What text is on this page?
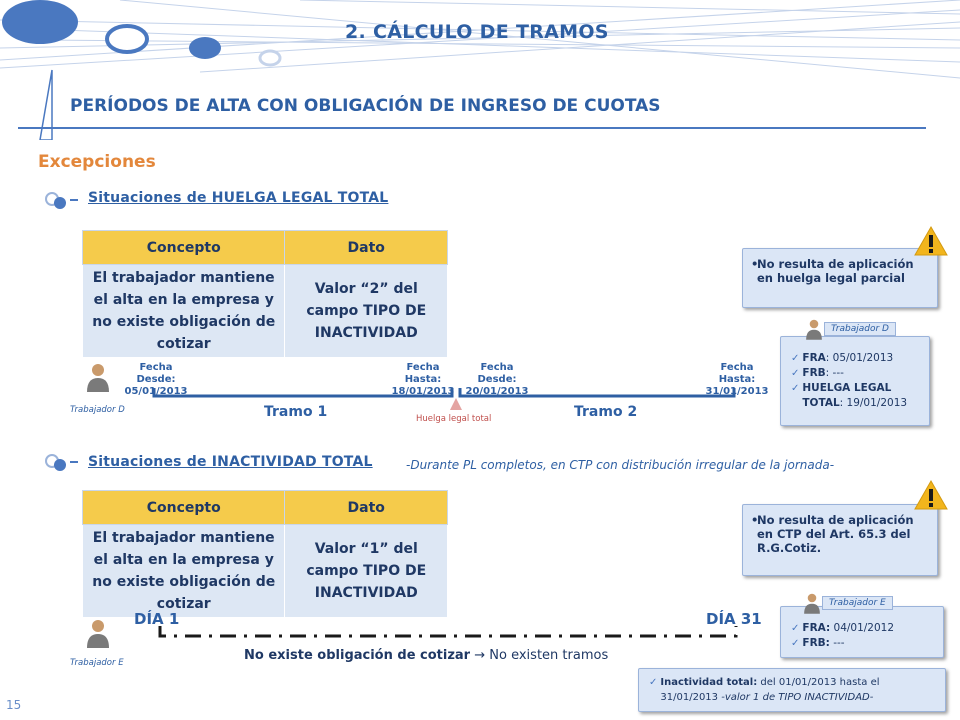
2. CÁLCULO DE TRAMOS
PERÍODOS DE ALTA CON OBLIGACIÓN DE INGRESO DE CUOTAS
Excepciones
Situaciones de HUELGA LEGAL TOTAL
Concepto	Dato
El trabajador mantiene el alta en la empresa y no existe obligación de cotizar	Valor “2” del campo TIPO DE INACTIVIDAD
•
No resulta de aplicación en huelga legal parcial
✓ FRA: 05/01/2013
✓ FRB: ---
✓ HUELGA LEGAL TOTAL: 19/01/2013
Trabajador D
Trabajador D
Fecha Desde:
05/01/2013
Fecha Hasta:
18/01/2013
Fecha Desde:
20/01/2013
Fecha Hasta:
31/01/2013
Tramo 1	Tramo 2
Huelga legal total
Situaciones de INACTIVIDAD TOTAL	-Durante PL completos, en CTP con distribución irregular de la jornada-
Concepto	Dato
El trabajador mantiene el alta en la empresa y no existe obligación de cotizar	Valor “1” del campo TIPO DE INACTIVIDAD
•
No resulta de aplicación en CTP del Art. 65.3 del R.G.Cotiz.
✓ FRA: 04/01/2012
✓ FRB: ---
Trabajador E
✓ Inactividad total: del 01/01/2013 hasta el 31/01/2013 -valor 1 de TIPO INACTIVIDAD-
Trabajador E
DÍA 1	DÍA 31
No existe obligación de cotizar → No existen tramos
15
